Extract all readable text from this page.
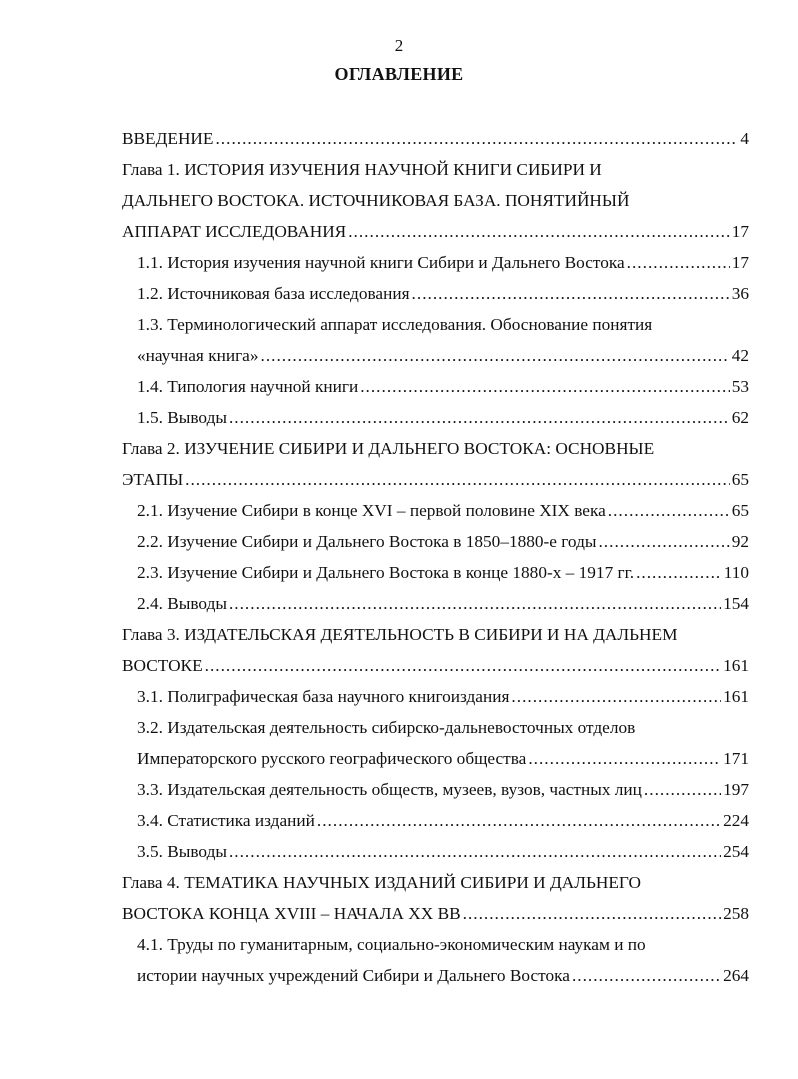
2
ОГЛАВЛЕНИЕ
ВВЕДЕНИЕ .....	4
Глава 1. ИСТОРИЯ ИЗУЧЕНИЯ НАУЧНОЙ КНИГИ СИБИРИ И
ДАЛЬНЕГО ВОСТОКА. ИСТОЧНИКОВАЯ БАЗА. ПОНЯТИЙНЫЙ
АППАРАТ ИССЛЕДОВАНИЯ .....	17
1.1. История изучения научной книги Сибири и Дальнего Востока .....	17
1.2. Источниковая база исследования .....	36
1.3. Терминологический аппарат исследования. Обоснование понятия
«научная книга» .....	42
1.4. Типология научной книги .....	53
1.5. Выводы .....	62
Глава 2. ИЗУЧЕНИЕ СИБИРИ И ДАЛЬНЕГО ВОСТОКА: ОСНОВНЫЕ
ЭТАПЫ .....	65
2.1. Изучение Сибири в конце XVI – первой половине XIX века .....	65
2.2. Изучение Сибири и Дальнего Востока в 1850–1880-е годы .....	92
2.3. Изучение Сибири и Дальнего Востока в конце 1880-х – 1917 гг. .....	110
2.4. Выводы .....	154
Глава 3. ИЗДАТЕЛЬСКАЯ ДЕЯТЕЛЬНОСТЬ В СИБИРИ И НА ДАЛЬНЕМ
ВОСТОКЕ .....	161
3.1. Полиграфическая база научного книгоиздания .....	161
3.2. Издательская деятельность сибирско-дальневосточных отделов
Императорского русского географического общества .....	171
3.3. Издательская деятельность обществ, музеев, вузов, частных лиц .....	197
3.4. Статистика изданий .....	224
3.5. Выводы .....	254
Глава 4. ТЕМАТИКА НАУЧНЫХ ИЗДАНИЙ СИБИРИ И ДАЛЬНЕГО
ВОСТОКА КОНЦА XVIII – НАЧАЛА XX ВВ .....	258
4.1. Труды по гуманитарным, социально-экономическим наукам и по
истории научных учреждений Сибири и Дальнего Востока .....	264
